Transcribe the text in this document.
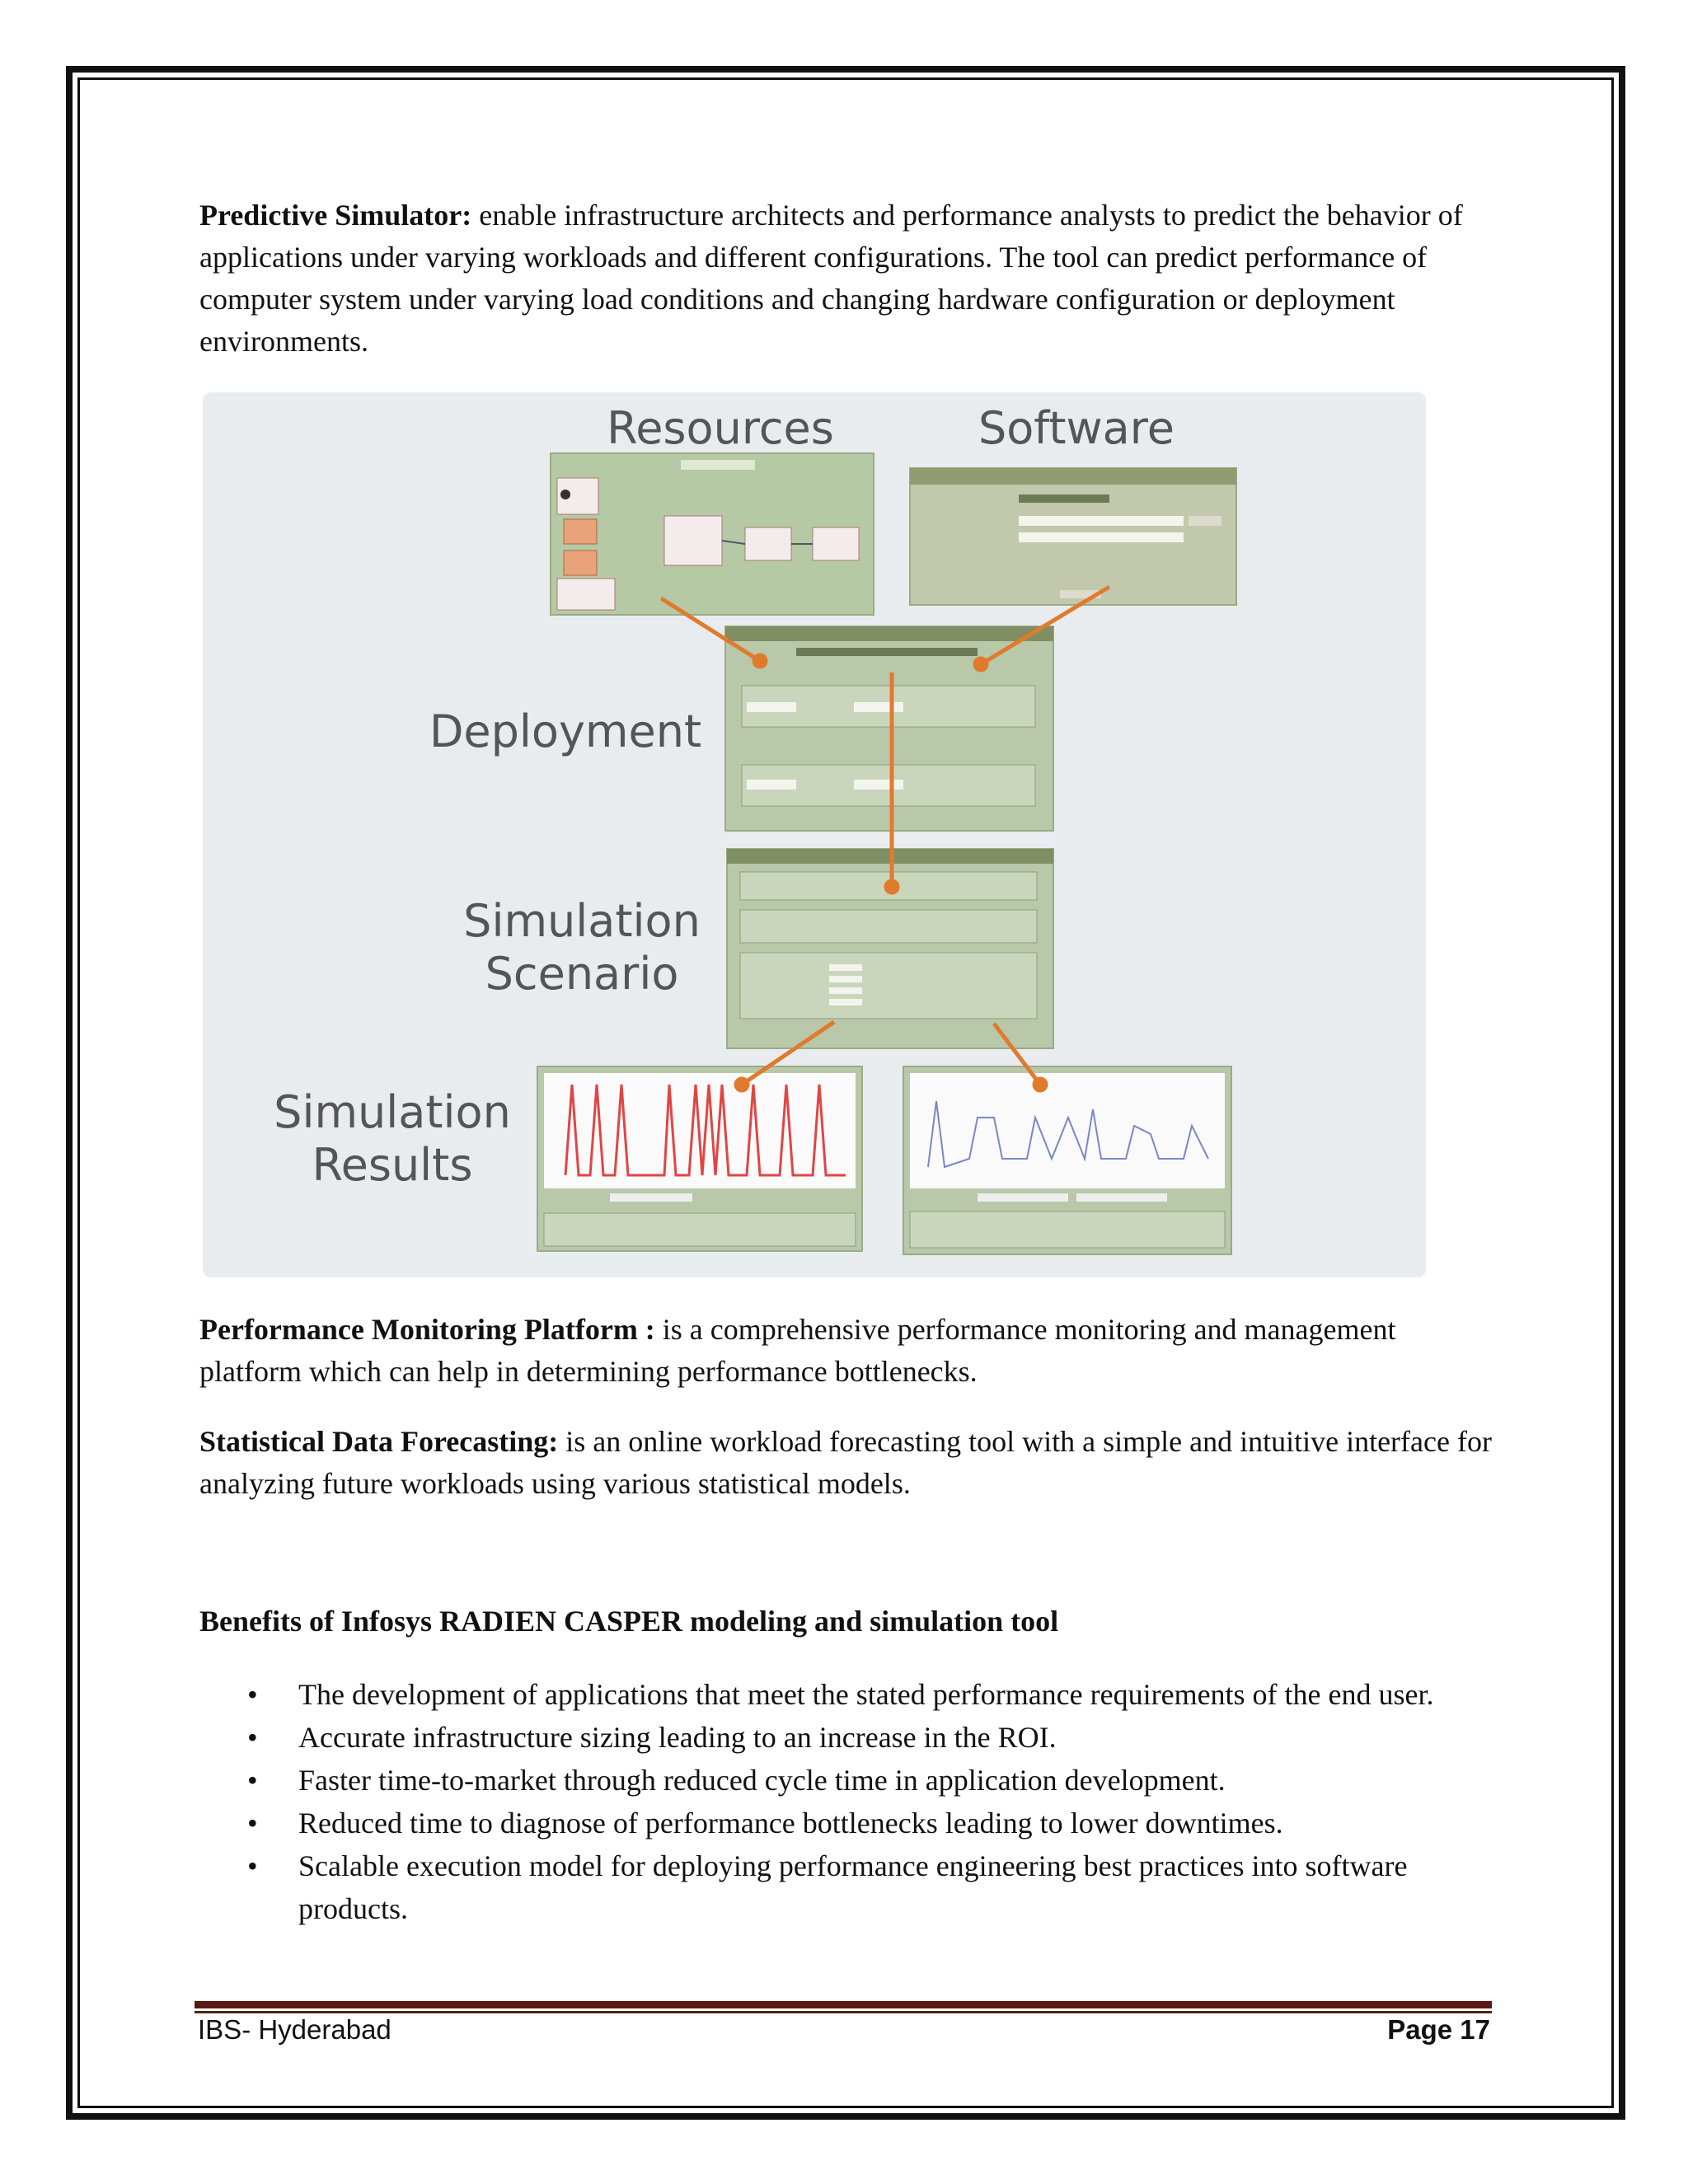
Predictive Simulator: enable infrastructure architects and performance analysts to predict the behavior of applications under varying workloads and different configurations. The tool can predict performance of computer system under varying load conditions and changing hardware configuration or deployment environments.

Resources	Software
Deployment
Simulation
Scenario
Simulation
Results

Performance Monitoring Platform : is a comprehensive performance monitoring and management platform which can help in determining performance bottlenecks.

Statistical Data Forecasting: is an online workload forecasting tool with a simple and intuitive interface for analyzing future workloads using various statistical models.

Benefits of Infosys RADIEN CASPER modeling and simulation tool

• The development of applications that meet the stated performance requirements of the end user.
• Accurate infrastructure sizing leading to an increase in the ROI.
• Faster time-to-market through reduced cycle time in application development.
• Reduced time to diagnose of performance bottlenecks leading to lower downtimes.
• Scalable execution model for deploying performance engineering best practices into software products.
IBS- Hyderabad	Page 17
